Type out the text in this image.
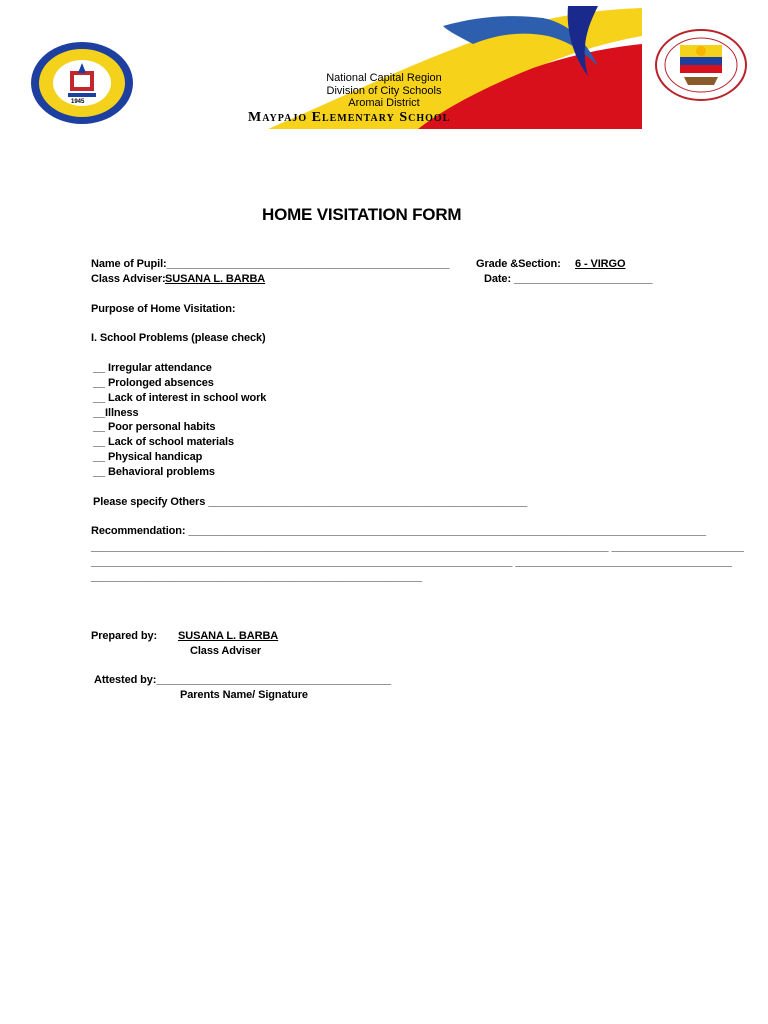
1945
National Capital Region
Division of City Schools
Aromai District
Maypajo Elementary School
HOME VISITATION FORM
Name of Pupil:_______________________________________________ Grade &Section: 6 - VIRGO
Class Adviser: SUSANA L. BARBA	Date: _______________________
Purpose of Home Visitation:
I. School Problems (please check)
__ Irregular attendance
__ Prolonged absences
__ Lack of interest in school work
__Illness
__ Poor personal habits
__ Lack of school materials
__ Physical handicap
__ Behavioral problems
Please specify Others _____________________________________________________
Recommendation: ______________________________________________________________________________________
______________________________________________________________________________________ ______________________
______________________________________________________________________ ____________________________________
_______________________________________________________
Prepared by: SUSANA L. BARBA
Class Adviser
Attested by:_______________________________________
Parents Name/ Signature
